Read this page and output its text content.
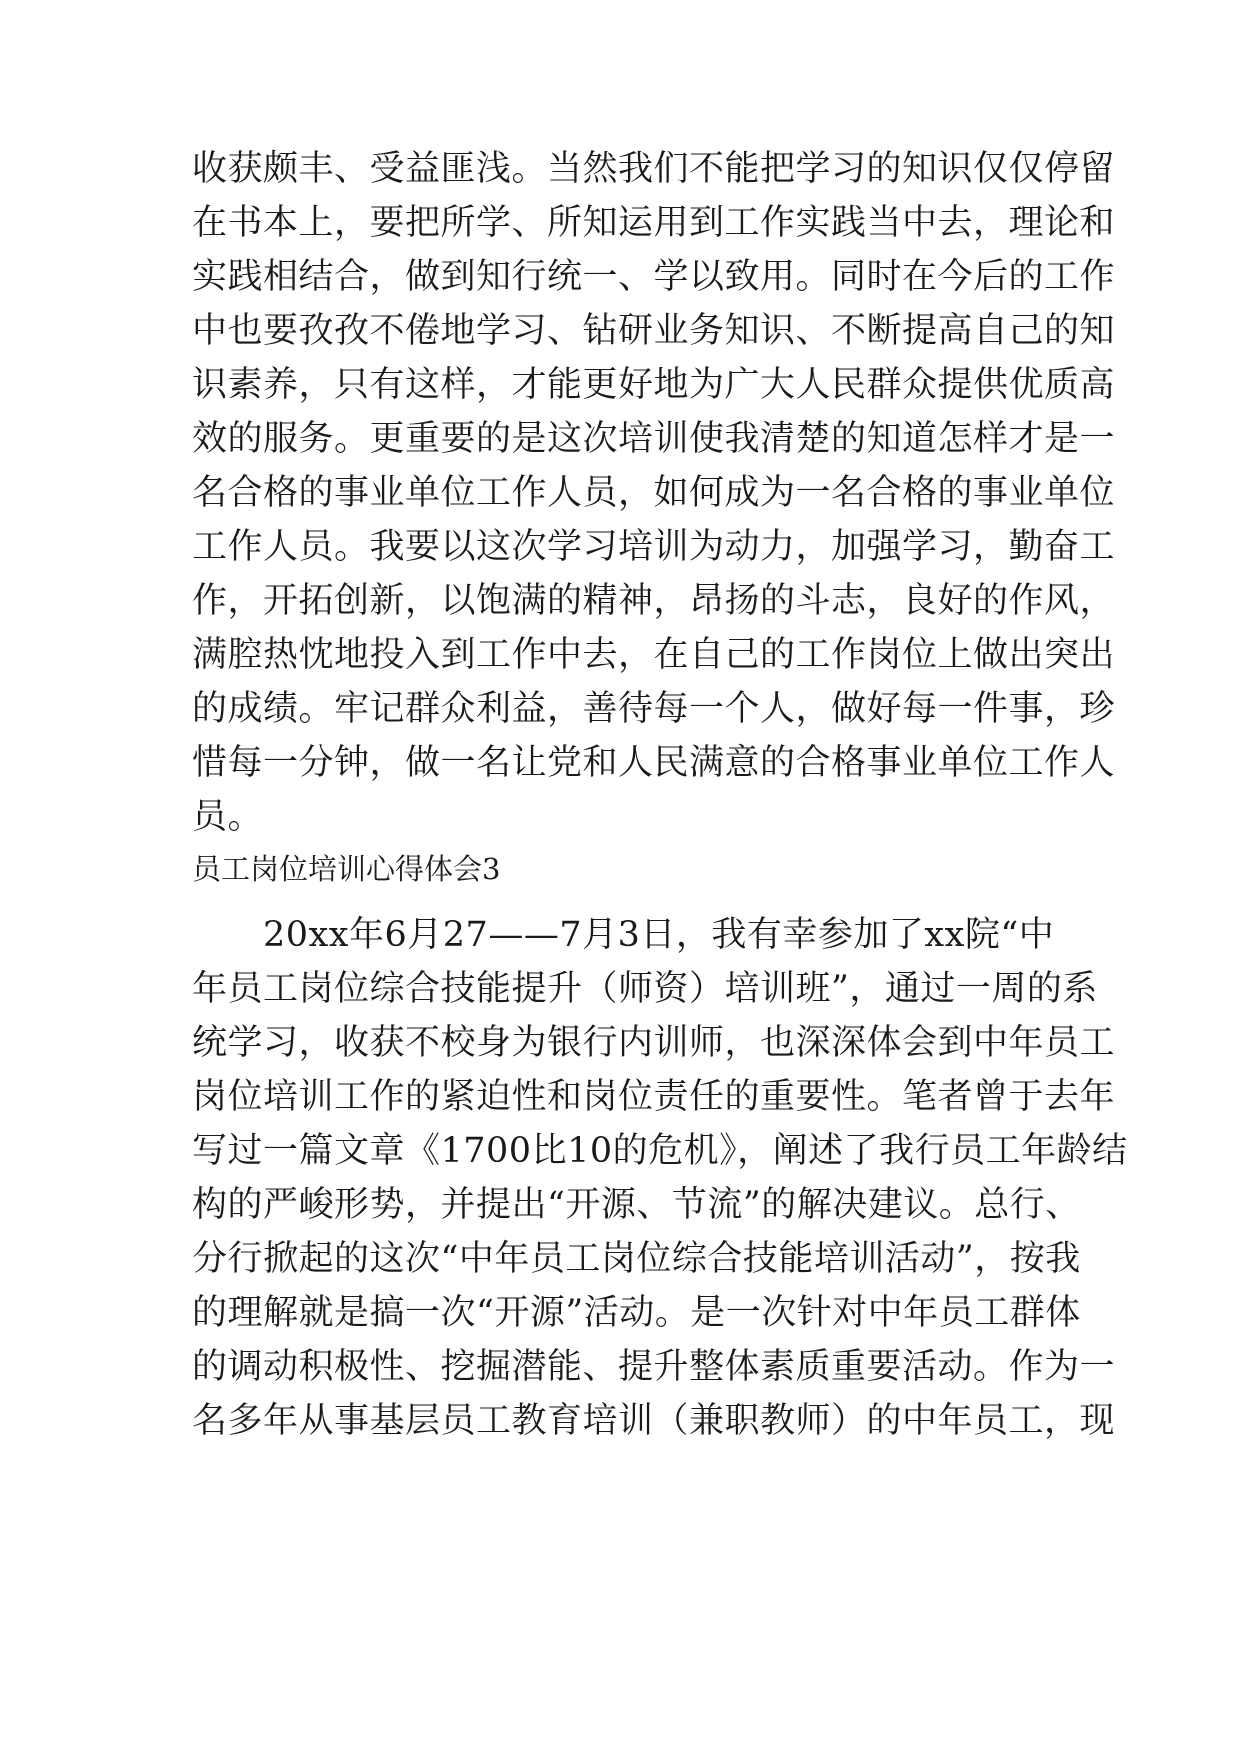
收获颇丰、受益匪浅。当然我们不能把学习的知识仅仅停留
在书本上，要把所学、所知运用到工作实践当中去，理论和
实践相结合，做到知行统一、学以致用。同时在今后的工作
中也要孜孜不倦地学习、钻研业务知识、不断提高自己的知
识素养，只有这样，才能更好地为广大人民群众提供优质高
效的服务。更重要的是这次培训使我清楚的知道怎样才是一
名合格的事业单位工作人员，如何成为一名合格的事业单位
工作人员。我要以这次学习培训为动力，加强学习，勤奋工
作，开拓创新，以饱满的精神，昂扬的斗志，良好的作风，
满腔热忱地投入到工作中去，在自己的工作岗位上做出突出
的成绩。牢记群众利益，善待每一个人，做好每一件事，珍
惜每一分钟，做一名让党和人民满意的合格事业单位工作人
员。
员工岗位培训心得体会3
　　20xx年6月27——7月3日，我有幸参加了xx院“中
年员工岗位综合技能提升（师资）培训班”，通过一周的系
统学习，收获不校身为银行内训师，也深深体会到中年员工
岗位培训工作的紧迫性和岗位责任的重要性。笔者曾于去年
写过一篇文章《1700比10的危机》，阐述了我行员工年龄结
构的严峻形势，并提出“开源、节流”的解决建议。总行、
分行掀起的这次“中年员工岗位综合技能培训活动”，按我
的理解就是搞一次“开源”活动。是一次针对中年员工群体
的调动积极性、挖掘潜能、提升整体素质重要活动。作为一
名多年从事基层员工教育培训（兼职教师）的中年员工，现
